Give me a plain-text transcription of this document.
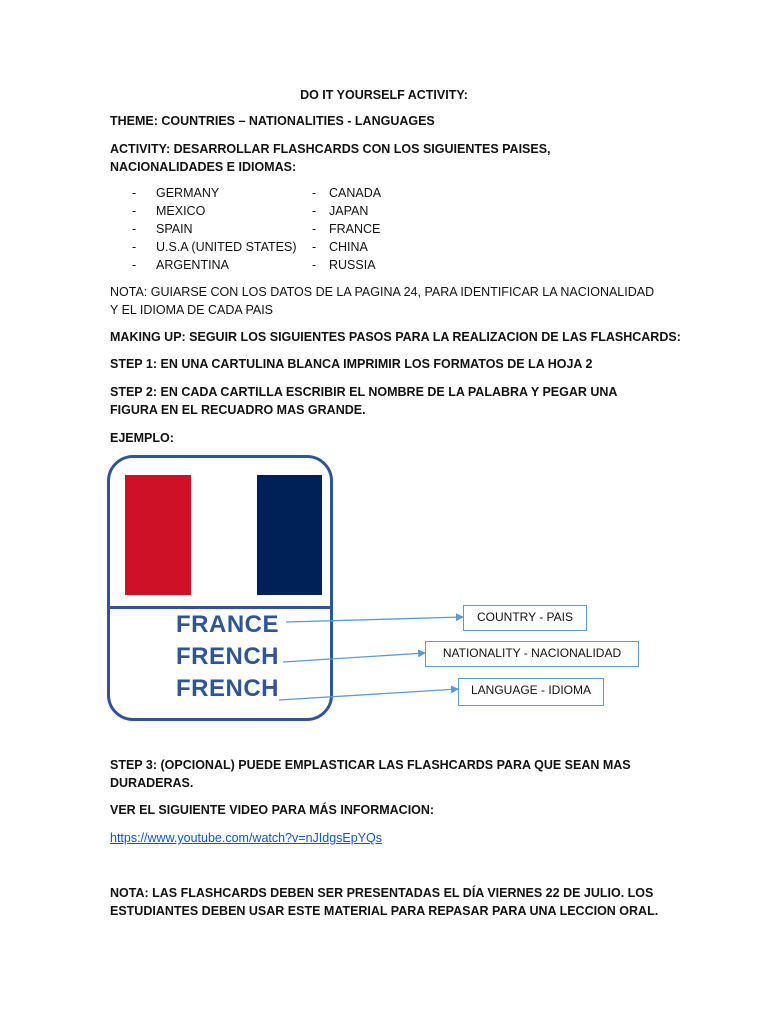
DO IT YOURSELF ACTIVITY:
THEME: COUNTRIES – NATIONALITIES - LANGUAGES
ACTIVITY: DESARROLLAR FLASHCARDS CON LOS SIGUIENTES PAISES, NACIONALIDADES E IDIOMAS:
- GERMANY
- MEXICO
- SPAIN
- U.S.A (UNITED STATES)
- ARGENTINA
- CANADA
- JAPAN
- FRANCE
- CHINA
- RUSSIA
NOTA: GUIARSE CON LOS DATOS DE LA PAGINA 24, PARA IDENTIFICAR LA NACIONALIDAD Y EL IDIOMA DE CADA PAIS
MAKING UP: SEGUIR LOS SIGUIENTES PASOS PARA LA REALIZACION DE LAS FLASHCARDS:
STEP 1: EN UNA CARTULINA BLANCA IMPRIMIR LOS FORMATOS DE LA HOJA 2
STEP 2: EN CADA CARTILLA ESCRIBIR EL NOMBRE DE LA PALABRA Y PEGAR UNA FIGURA EN EL RECUADRO MAS GRANDE.
EJEMPLO:
FRANCE
FRENCH
FRENCH
COUNTRY - PAIS
NATIONALITY - NACIONALIDAD
LANGUAGE - IDIOMA
STEP 3: (OPCIONAL) PUEDE EMPLASTICAR LAS FLASHCARDS PARA QUE SEAN MAS DURADERAS.
VER EL SIGUIENTE VIDEO PARA MÁS INFORMACION:
https://www.youtube.com/watch?v=nJIdgsEpYQs
NOTA: LAS FLASHCARDS DEBEN SER PRESENTADAS EL DÍA VIERNES 22 DE JULIO. LOS ESTUDIANTES DEBEN USAR ESTE MATERIAL PARA REPASAR PARA UNA LECCION ORAL.
